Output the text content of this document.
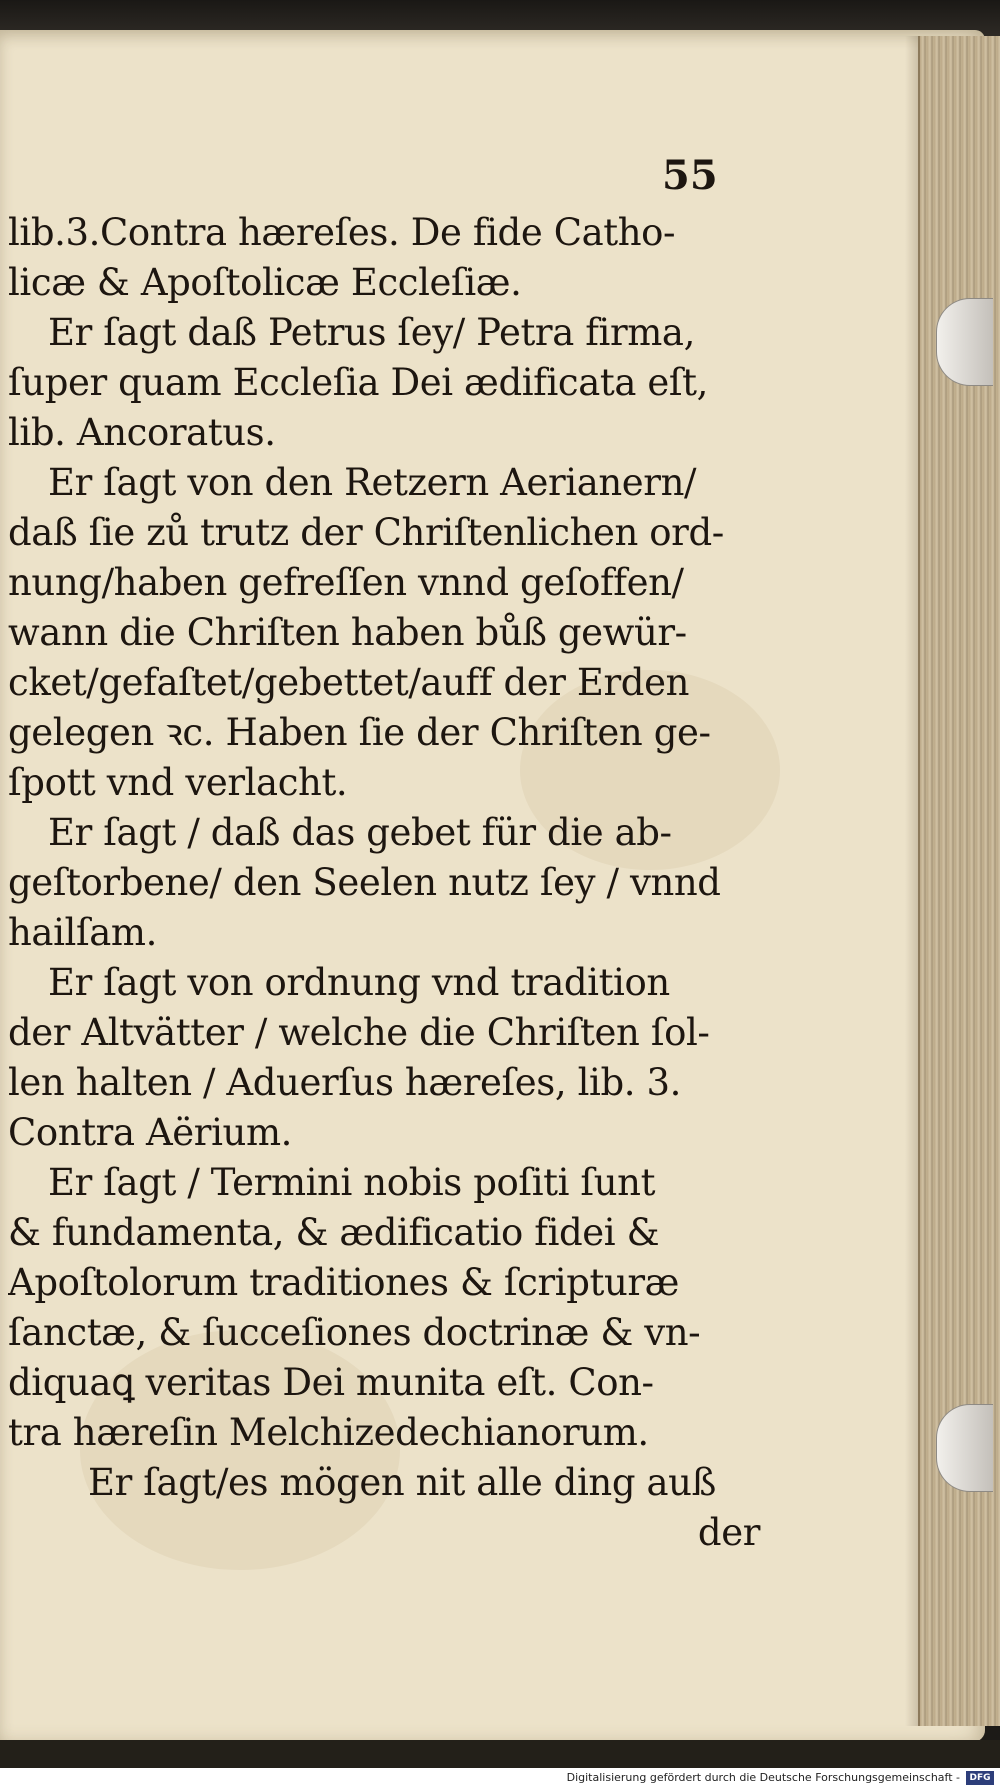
55
lib.3.Contra hæreſes. De fide Catho-
licæ & Apoſtolicæ Eccleſiæ.
Er ſagt daß Petrus ſey/ Petra firma,
ſuper quam Eccleſia Dei ædificata eſt,
lib. Ancoratus.
Er ſagt von den Retzern Aerianern/
daß ſie zů trutz der Chriſtenlichen ord-
nung/haben gefreſſen vnnd geſoffen/
wann die Chriſten haben bůß gewür-
cket/gefaſtet/gebettet/auff der Erden
gelegen ꝛc. Haben ſie der Chriſten ge-
ſpott vnd verlacht.
Er ſagt / daß das gebet für die ab-
geſtorbene/ den Seelen nutz ſey / vnnd
hailſam.
Er ſagt von ordnung vnd tradition
der Altvätter / welche die Chriſten ſol-
len halten / Aduerſus hæreſes, lib. 3.
Contra Aërium.
Er ſagt / Termini nobis poſiti ſunt
& fundamenta, & ædificatio fidei &
Apoſtolorum traditiones & ſcripturæ
ſanctæ, & ſucceſiones doctrinæ & vn-
diquaꝗ veritas Dei munita eſt. Con-
tra hæreſin Melchizedechianorum.
Er ſagt/es mögen nit alle ding auß
der
Digitalisierung gefördert durch die Deutsche Forschungsgemeinschaft -	DFG
